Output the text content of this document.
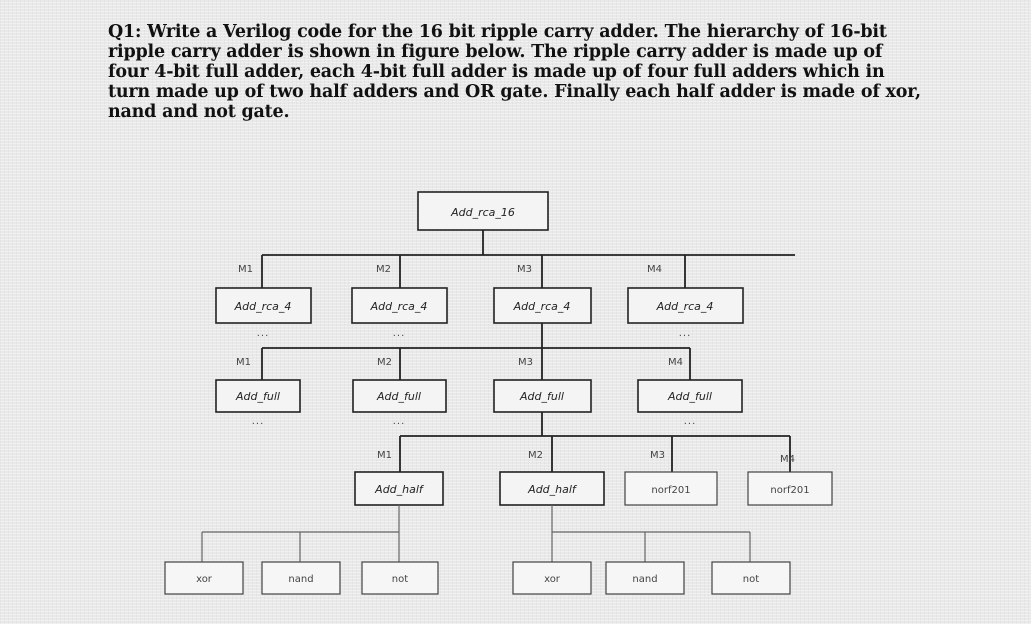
Q1: Write a Verilog code for the 16 bit ripple carry adder. The hierarchy of 16-bit ripple carry adder is shown in figure below. The ripple carry adder is made up of four 4-bit full adder, each 4-bit full adder is made up of four full adders which in turn made up of two half adders and OR gate. Finally each half adder is made of xor, nand and not gate.

Add_rca_16
M1	M2	M3	M4
Add_rca_4	Add_rca_4	Add_rca_4	Add_rca_4
...	...	...
M1	M2	M3	M4
Add_full	Add_full	Add_full	Add_full
...	...	...
M1	M2	M3	M4
Add_half	Add_half	norf201	norf201
xor	nand	not	xor	nand	not
